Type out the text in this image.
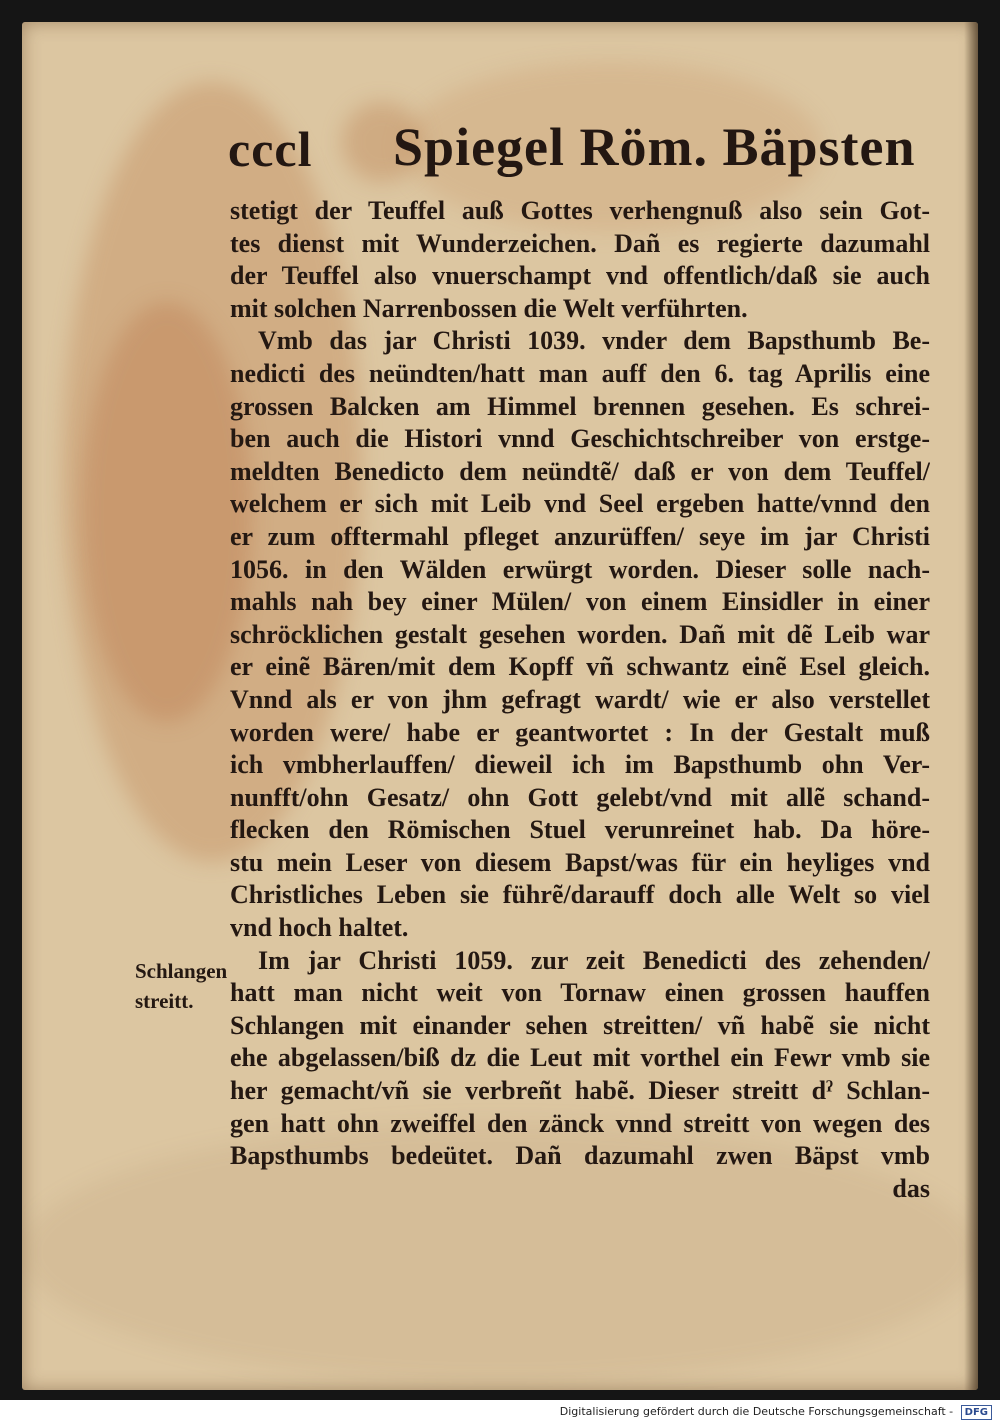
cccl Spiegel Röm. Bäpsten
stetigt der Teuffel auß Gottes verhengnuß also sein Got-
tes dienst mit Wunderzeichen. Dañ es regierte dazumahl
der Teuffel also vnuerschampt vnd offentlich/daß sie auch
mit solchen Narrenbossen die Welt verführten.
Vmb das jar Christi 1039. vnder dem Bapsthumb Be-
nedicti des neündten/hatt man auff den 6. tag Aprilis eine
grossen Balcken am Himmel brennen gesehen. Es schrei-
ben auch die Histori vnnd Geschichtschreiber von erstge-
meldten Benedicto dem neündtẽ/ daß er von dem Teuffel/
welchem er sich mit Leib vnd Seel ergeben hatte/vnnd den
er zum offtermahl pfleget anzurüffen/ seye im jar Christi
1056. in den Wälden erwürgt worden. Dieser solle nach-
mahls nah bey einer Mülen/ von einem Einsidler in einer
schröcklichen gestalt gesehen worden. Dañ mit dẽ Leib war
er einẽ Bären/mit dem Kopff vñ schwantz einẽ Esel gleich.
Vnnd als er von jhm gefragt wardt/ wie er also verstellet
worden were/ habe er geantwortet : In der Gestalt muß
ich vmbherlauffen/ dieweil ich im Bapsthumb ohn Ver-
nunfft/ohn Gesatz/ ohn Gott gelebt/vnd mit allẽ schand-
flecken den Römischen Stuel verunreinet hab. Da höre-
stu mein Leser von diesem Bapst/was für ein heyliges vnd
Christliches Leben sie führẽ/darauff doch alle Welt so viel
vnd hoch haltet.
Im jar Christi 1059. zur zeit Benedicti des zehenden/
hatt man nicht weit von Tornaw einen grossen hauffen
Schlangen mit einander sehen streitten/ vñ habẽ sie nicht
ehe abgelassen/biß dz die Leut mit vorthel ein Fewr vmb sie
her gemacht/vñ sie verbreñt habẽ. Dieser streitt dˀ Schlan-
gen hatt ohn zweiffel den zänck vnnd streitt von wegen des
Bapsthumbs bedeütet. Dañ dazumahl zwen Bäpst vmb
das
Schlangen
streitt.
Digitalisierung gefördert durch die Deutsche Forschungsgemeinschaft - DFG
